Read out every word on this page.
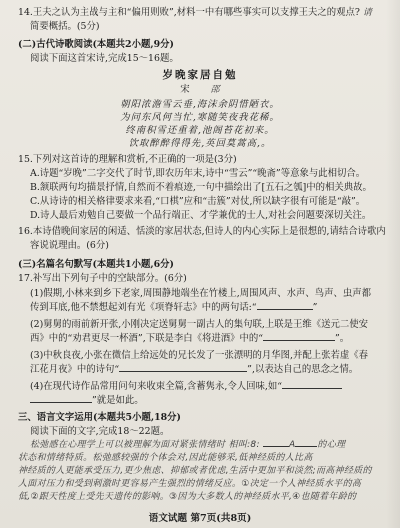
14.王夫之认为主战与主和“偏用则败”,材料一中有哪些事实可以支撑王夫之的观点? 请
简要概括。(5分)
(二)古代诗歌阅读(本题共2小题,9分)
阅读下面这首宋诗,完成15～16题。
岁晚家居自勉
宋 邵
朝阳浓澹雪云垂,海沫余阴惜陋衣。
为问东风何当忙,寒随笑夜我花稀。
终南积雪还重着,池阁苔花初来。
饮取醉醉得得先,英回莫蒿高,。
15.下列对这首诗的理解和赏析,不正确的一项是(3分)
A.诗题“岁晚”二字交代了时节,即农历年末,诗中“雪云”“晚斋”等意象与此相切合。
B.颔联两句均描景抒情,自然而不着痕迹,一句中描绘出了[五石之瓠]中的相关典故。
C.从诗诗的相关格律要求来看,“口棋”应和“击簇”对仗,所以缺字很有可能是“敲”。
D.诗人最后劝勉自己要做一个品行端正、才学兼优的士人,对社会问题要深切关注。
16.本诗借晚间家居的闲适、恬淡的家居状态,但诗人的内心实际上是很想的,请结合诗歌内
容说说理由。(6分)
(三)名篇名句默写(本题共1小题,6分)
17.补写出下列句子中的空缺部分。(6分)
(1)假期,小林来到乡下老家,周围静地端坐在竹楼上,周围风声、水声、鸟声、虫声都
传到耳底,他不禁想起刘有光《项脊轩志》中的两句话:“	”
(2)舅舅的雨前新开张,小刚决定送舅舅一副古人的集句联,上联是王维《送元二使安
西》中的“劝君更尽一杯酒”,下联是李白《将进酒》中的“	”。
(3)中秋良夜,小张在微信上给远处的兄长发了一张漂明的月华图,并配上张若虚《春
江花月夜》中的诗句“	”,以表达自己的思念之情。
(4)在现代诗作品常用问句来收束全篇,含蓄隽永,令人回味,如“
”就是如此。
三、语言文字运用(本题共5小题,18分)
阅读下面的文字,完成18～22题。
松弛感在心理学上可以被理解为面对紧张情绪时 相叫:8:	A 的心理
状态和情绪特质。松弛感较强的个体会对,因此能够采,低神经质的人比高
神经质的人更能承受压力,更少焦虑、抑郁或者优虑,生活中更加平和淡然;而高神经质的
人面对压力和受到刺激时更容易产生强烈的情绪反应。①决定一个人神经质水平的高
低,②跟天性度上受先天遗传的影响。③因为大多数人的神经质水平,④也随着年龄的
语文试题 第7页(共8页)
